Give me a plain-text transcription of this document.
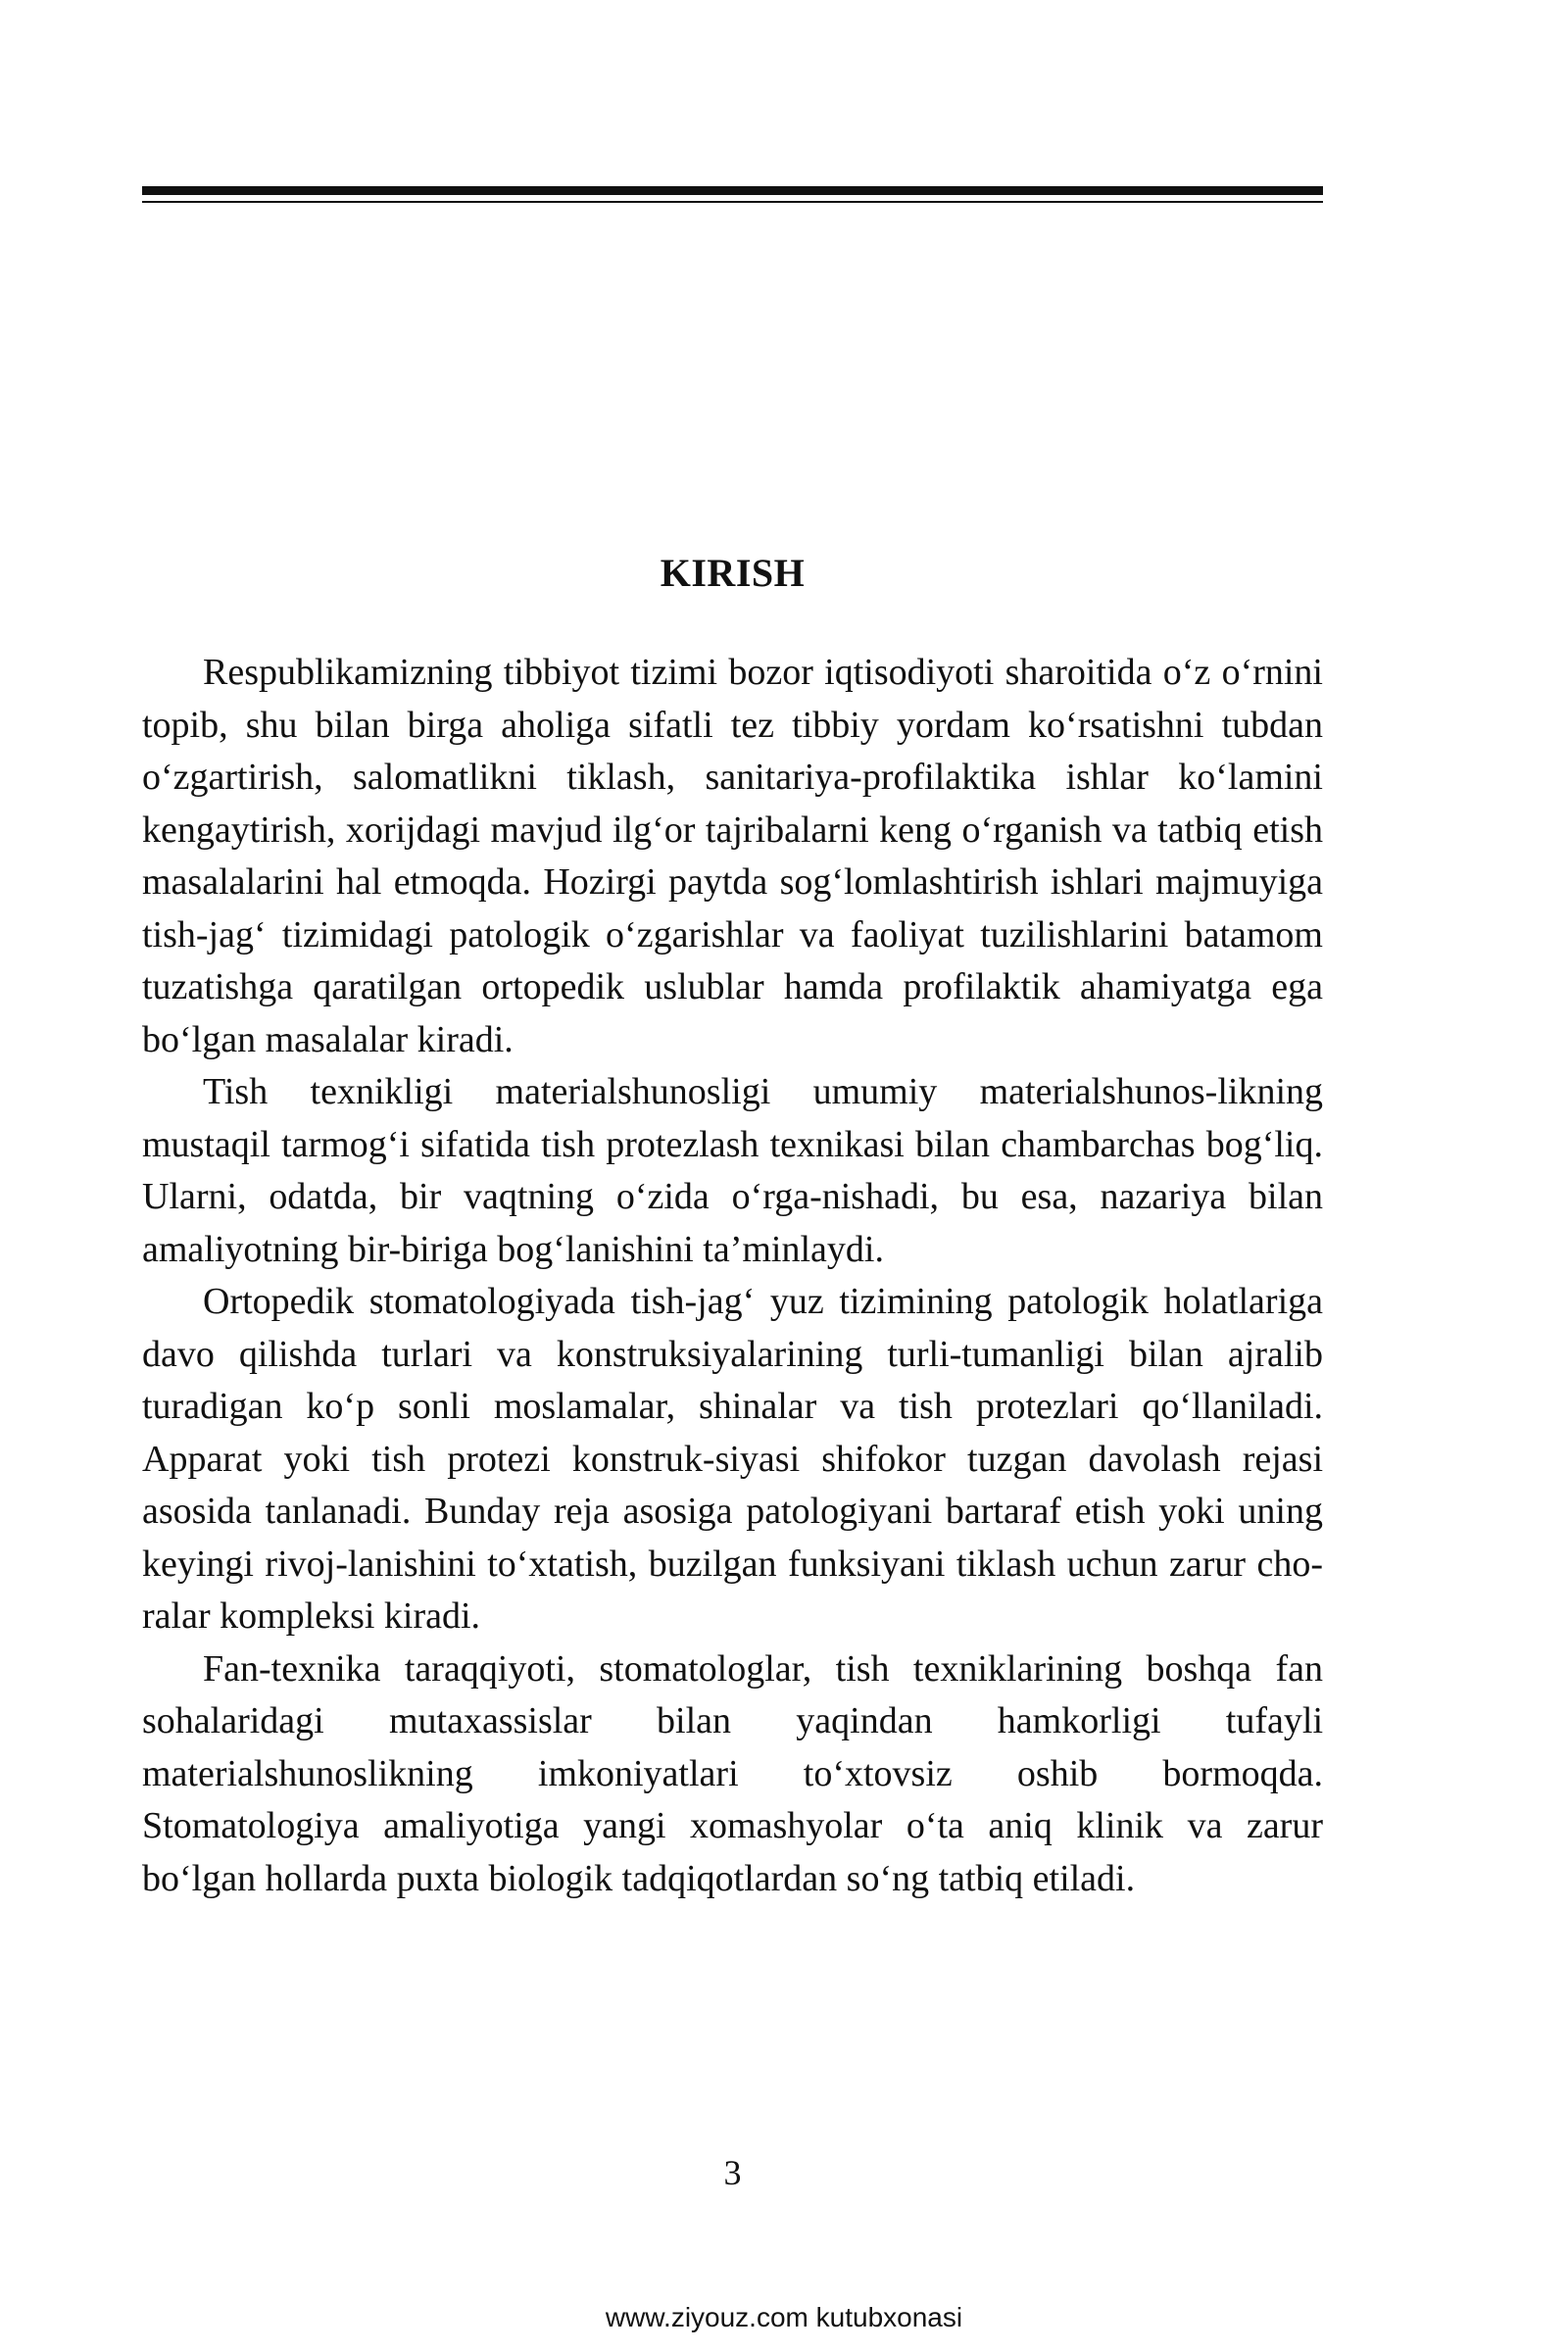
KIRISH

Respublikamizning tibbiyot tizimi bozor iqtisodiyoti sharoitida o‘z o‘rnini topib, shu bilan birga aholiga sifatli tez tibbiy yordam ko‘rsatishni tubdan o‘zgartirish, salomatlikni tiklash, sanitariya-profilaktika ishlar ko‘lamini kengaytirish, xorijdagi mavjud ilg‘or tajribalarni keng o‘rganish va tatbiq etish masalalarini hal etmoqda. Hozirgi paytda sog‘lomlashtirish ishlari majmuyiga tish-jag‘ tizimidagi patologik o‘zgarishlar va faoliyat tuzilishlarini batamom tuzatishga qaratilgan ortopedik uslublar hamda profilaktik ahamiyatga ega bo‘lgan masalalar kiradi.

Tish texnikligi materialshunosligi umumiy materialshunos-likning mustaqil tarmog‘i sifatida tish protezlash texnikasi bilan chambarchas bog‘liq. Ularni, odatda, bir vaqtning o‘zida o‘rga-nishadi, bu esa, nazariya bilan amaliyotning bir-biriga bog‘lanishini ta’minlaydi.

Ortopedik stomatologiyada tish-jag‘ yuz tizimining patologik holatlariga davo qilishda turlari va konstruksiyalarining turli-tumanligi bilan ajralib turadigan ko‘p sonli moslamalar, shinalar va tish protezlari qo‘llaniladi. Apparat yoki tish protezi konstruk-siyasi shifokor tuzgan davolash rejasi asosida tanlanadi. Bunday reja asosiga patologiyani bartaraf etish yoki uning keyingi rivoj-lanishini to‘xtatish, buzilgan funksiyani tiklash uchun zarur cho-ralar kompleksi kiradi.

Fan-texnika taraqqiyoti, stomatologlar, tish texniklarining boshqa fan sohalaridagi mutaxassislar bilan yaqindan hamkorligi tufayli materialshunoslikning imkoniyatlari to‘xtovsiz oshib bormoqda. Stomatologiya amaliyotiga yangi xomashyolar o‘ta aniq klinik va zarur bo‘lgan hollarda puxta biologik tadqiqotlardan so‘ng tatbiq etiladi.

3
www.ziyouz.com kutubxonasi
